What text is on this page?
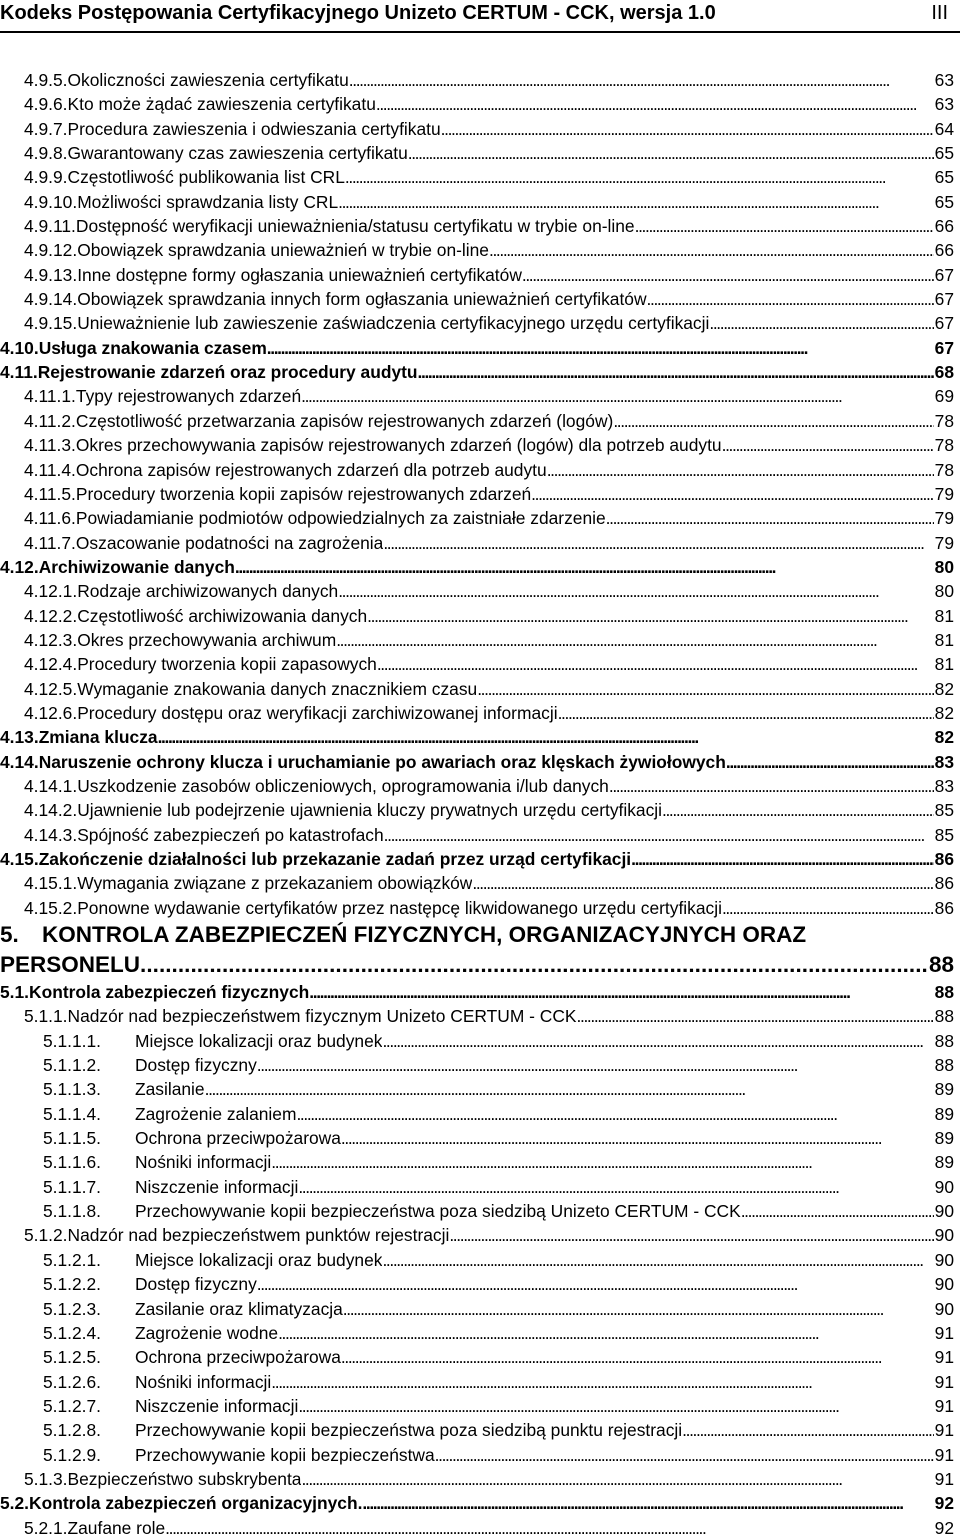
Kodeks Postępowania Certyfikacyjnego Unizeto CERTUM - CCK, wersja 1.0	III
4.9.5. Okoliczności zawieszenia certyfikatu . . .	63
4.9.6. Kto może żądać zawieszenia certyfikatu . . .	63
4.9.7. Procedura zawieszenia i odwieszania certyfikatu . . .	64
4.9.8. Gwarantowany czas zawieszenia certyfikatu . . .	65
4.9.9. Częstotliwość publikowania list CRL . . .	65
4.9.10. Możliwości sprawdzania listy CRL . . .	65
4.9.11. Dostępność weryfikacji unieważnienia/statusu certyfikatu w trybie on-line . . .	66
4.9.12. Obowiązek sprawdzania unieważnień w trybie on-line . . .	66
4.9.13. Inne dostępne formy ogłaszania unieważnień certyfikatów . . .	67
4.9.14. Obowiązek sprawdzania innych form ogłaszania unieważnień certyfikatów . . .	67
4.9.15. Unieważnienie lub zawieszenie zaświadczenia certyfikacyjnego urzędu certyfikacji . . .	67
4.10. Usługa znakowania czasem . . .	67
4.11. Rejestrowanie zdarzeń oraz procedury audytu . . .	68
4.11.1. Typy rejestrowanych zdarzeń . . .	69
4.11.2. Częstotliwość przetwarzania zapisów rejestrowanych zdarzeń (logów) . . .	78
4.11.3. Okres przechowywania zapisów rejestrowanych zdarzeń (logów) dla potrzeb audytu . . .	78
4.11.4. Ochrona zapisów rejestrowanych zdarzeń dla potrzeb audytu . . .	78
4.11.5. Procedury tworzenia kopii zapisów rejestrowanych zdarzeń . . .	79
4.11.6. Powiadamianie podmiotów odpowiedzialnych za zaistniałe zdarzenie . . .	79
4.11.7. Oszacowanie podatności na zagrożenia . . .	79
4.12. Archiwizowanie danych . . .	80
4.12.1. Rodzaje archiwizowanych danych . . .	80
4.12.2. Częstotliwość archiwizowania danych . . .	81
4.12.3. Okres przechowywania archiwum . . .	81
4.12.4. Procedury tworzenia kopii zapasowych . . .	81
4.12.5. Wymaganie znakowania danych znacznikiem czasu . . .	82
4.12.6. Procedury dostępu oraz weryfikacji zarchiwizowanej informacji . . .	82
4.13. Zmiana klucza . . .	82
4.14. Naruszenie ochrony klucza i uruchamianie po awariach oraz klęskach żywiołowych . . .	83
4.14.1. Uszkodzenie zasobów obliczeniowych, oprogramowania i/lub danych . . .	83
4.14.2. Ujawnienie lub podejrzenie ujawnienia kluczy prywatnych urzędu certyfikacji . . .	85
4.14.3. Spójność zabezpieczeń po katastrofach . . .	85
4.15. Zakończenie działalności lub przekazanie zadań przez urząd certyfikacji . . .	86
4.15.1. Wymagania związane z przekazaniem obowiązków . . .	86
4.15.2. Ponowne wydawanie certyfikatów przez następcę likwidowanego urzędu certyfikacji . . .	86
5. KONTROLA ZABEZPIECZEŃ FIZYCZNYCH, ORGANIZACYJNYCH ORAZ
PERSONELU . . .	88
5.1. Kontrola zabezpieczeń fizycznych . . .	88
5.1.1. Nadzór nad bezpieczeństwem fizycznym Unizeto CERTUM - CCK . . .	88
5.1.1.1.	Miejsce lokalizacji oraz budynek . . .	88
5.1.1.2.	Dostęp fizyczny . . .	88
5.1.1.3.	Zasilanie . . .	89
5.1.1.4.	Zagrożenie zalaniem . . .	89
5.1.1.5.	Ochrona przeciwpożarowa . . .	89
5.1.1.6.	Nośniki informacji . . .	89
5.1.1.7.	Niszczenie informacji . . .	90
5.1.1.8.	Przechowywanie kopii bezpieczeństwa poza siedzibą Unizeto CERTUM - CCK . . .	90
5.1.2. Nadzór nad bezpieczeństwem punktów rejestracji . . .	90
5.1.2.1.	Miejsce lokalizacji oraz budynek . . .	90
5.1.2.2.	Dostęp fizyczny . . .	90
5.1.2.3.	Zasilanie oraz klimatyzacja . . .	90
5.1.2.4.	Zagrożenie wodne . . .	91
5.1.2.5.	Ochrona przeciwpożarowa . . .	91
5.1.2.6.	Nośniki informacji . . .	91
5.1.2.7.	Niszczenie informacji . . .	91
5.1.2.8.	Przechowywanie kopii bezpieczeństwa poza siedzibą punktu rejestracji . . .	91
5.1.2.9.	Przechowywanie kopii bezpieczeństwa . . .	91
5.1.3. Bezpieczeństwo subskrybenta . . .	91
5.2. Kontrola zabezpieczeń organizacyjnych. . . .	92
5.2.1. Zaufane role . . .	92
